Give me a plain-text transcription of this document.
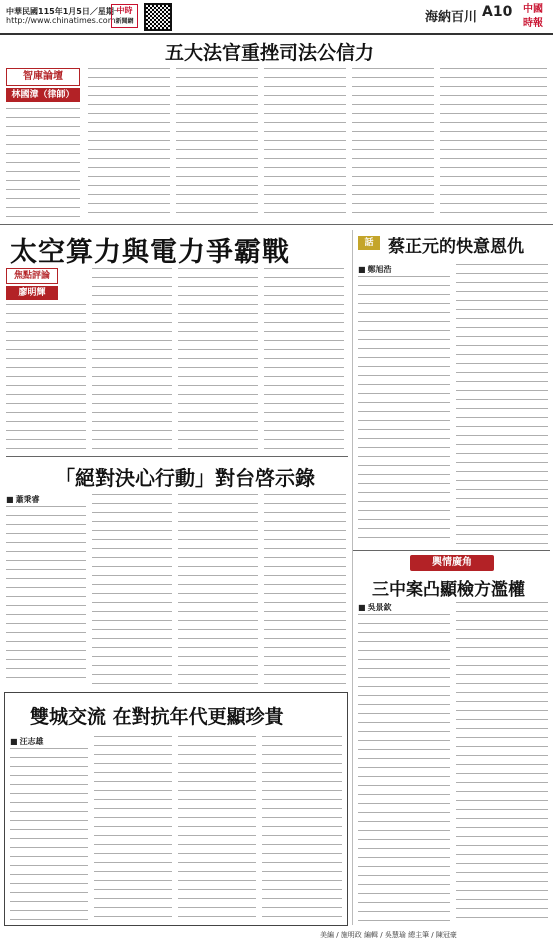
中華民國115年1月5日／星期一
http://www.chinatimes.com
中時
新聞網	海納百川 A10	中國
時報
五大法官重挫司法公信力
智庫論壇
林國漳（律師）
太空算力與電力爭霸戰
焦點評論
廖明輝
話 蔡正元的快意恩仇
■ 鄭旭浩
「絕對決心行動」對台啓示錄
■ 蕭秉睿
輿情廣角
三中案凸顯檢方濫權
■ 吳景欽
雙城交流 在對抗年代更顯珍貴
■ 汪志雄
美編 / 施明政 編輯 / 吳慧瑜 總主筆 / 陳冠豪
